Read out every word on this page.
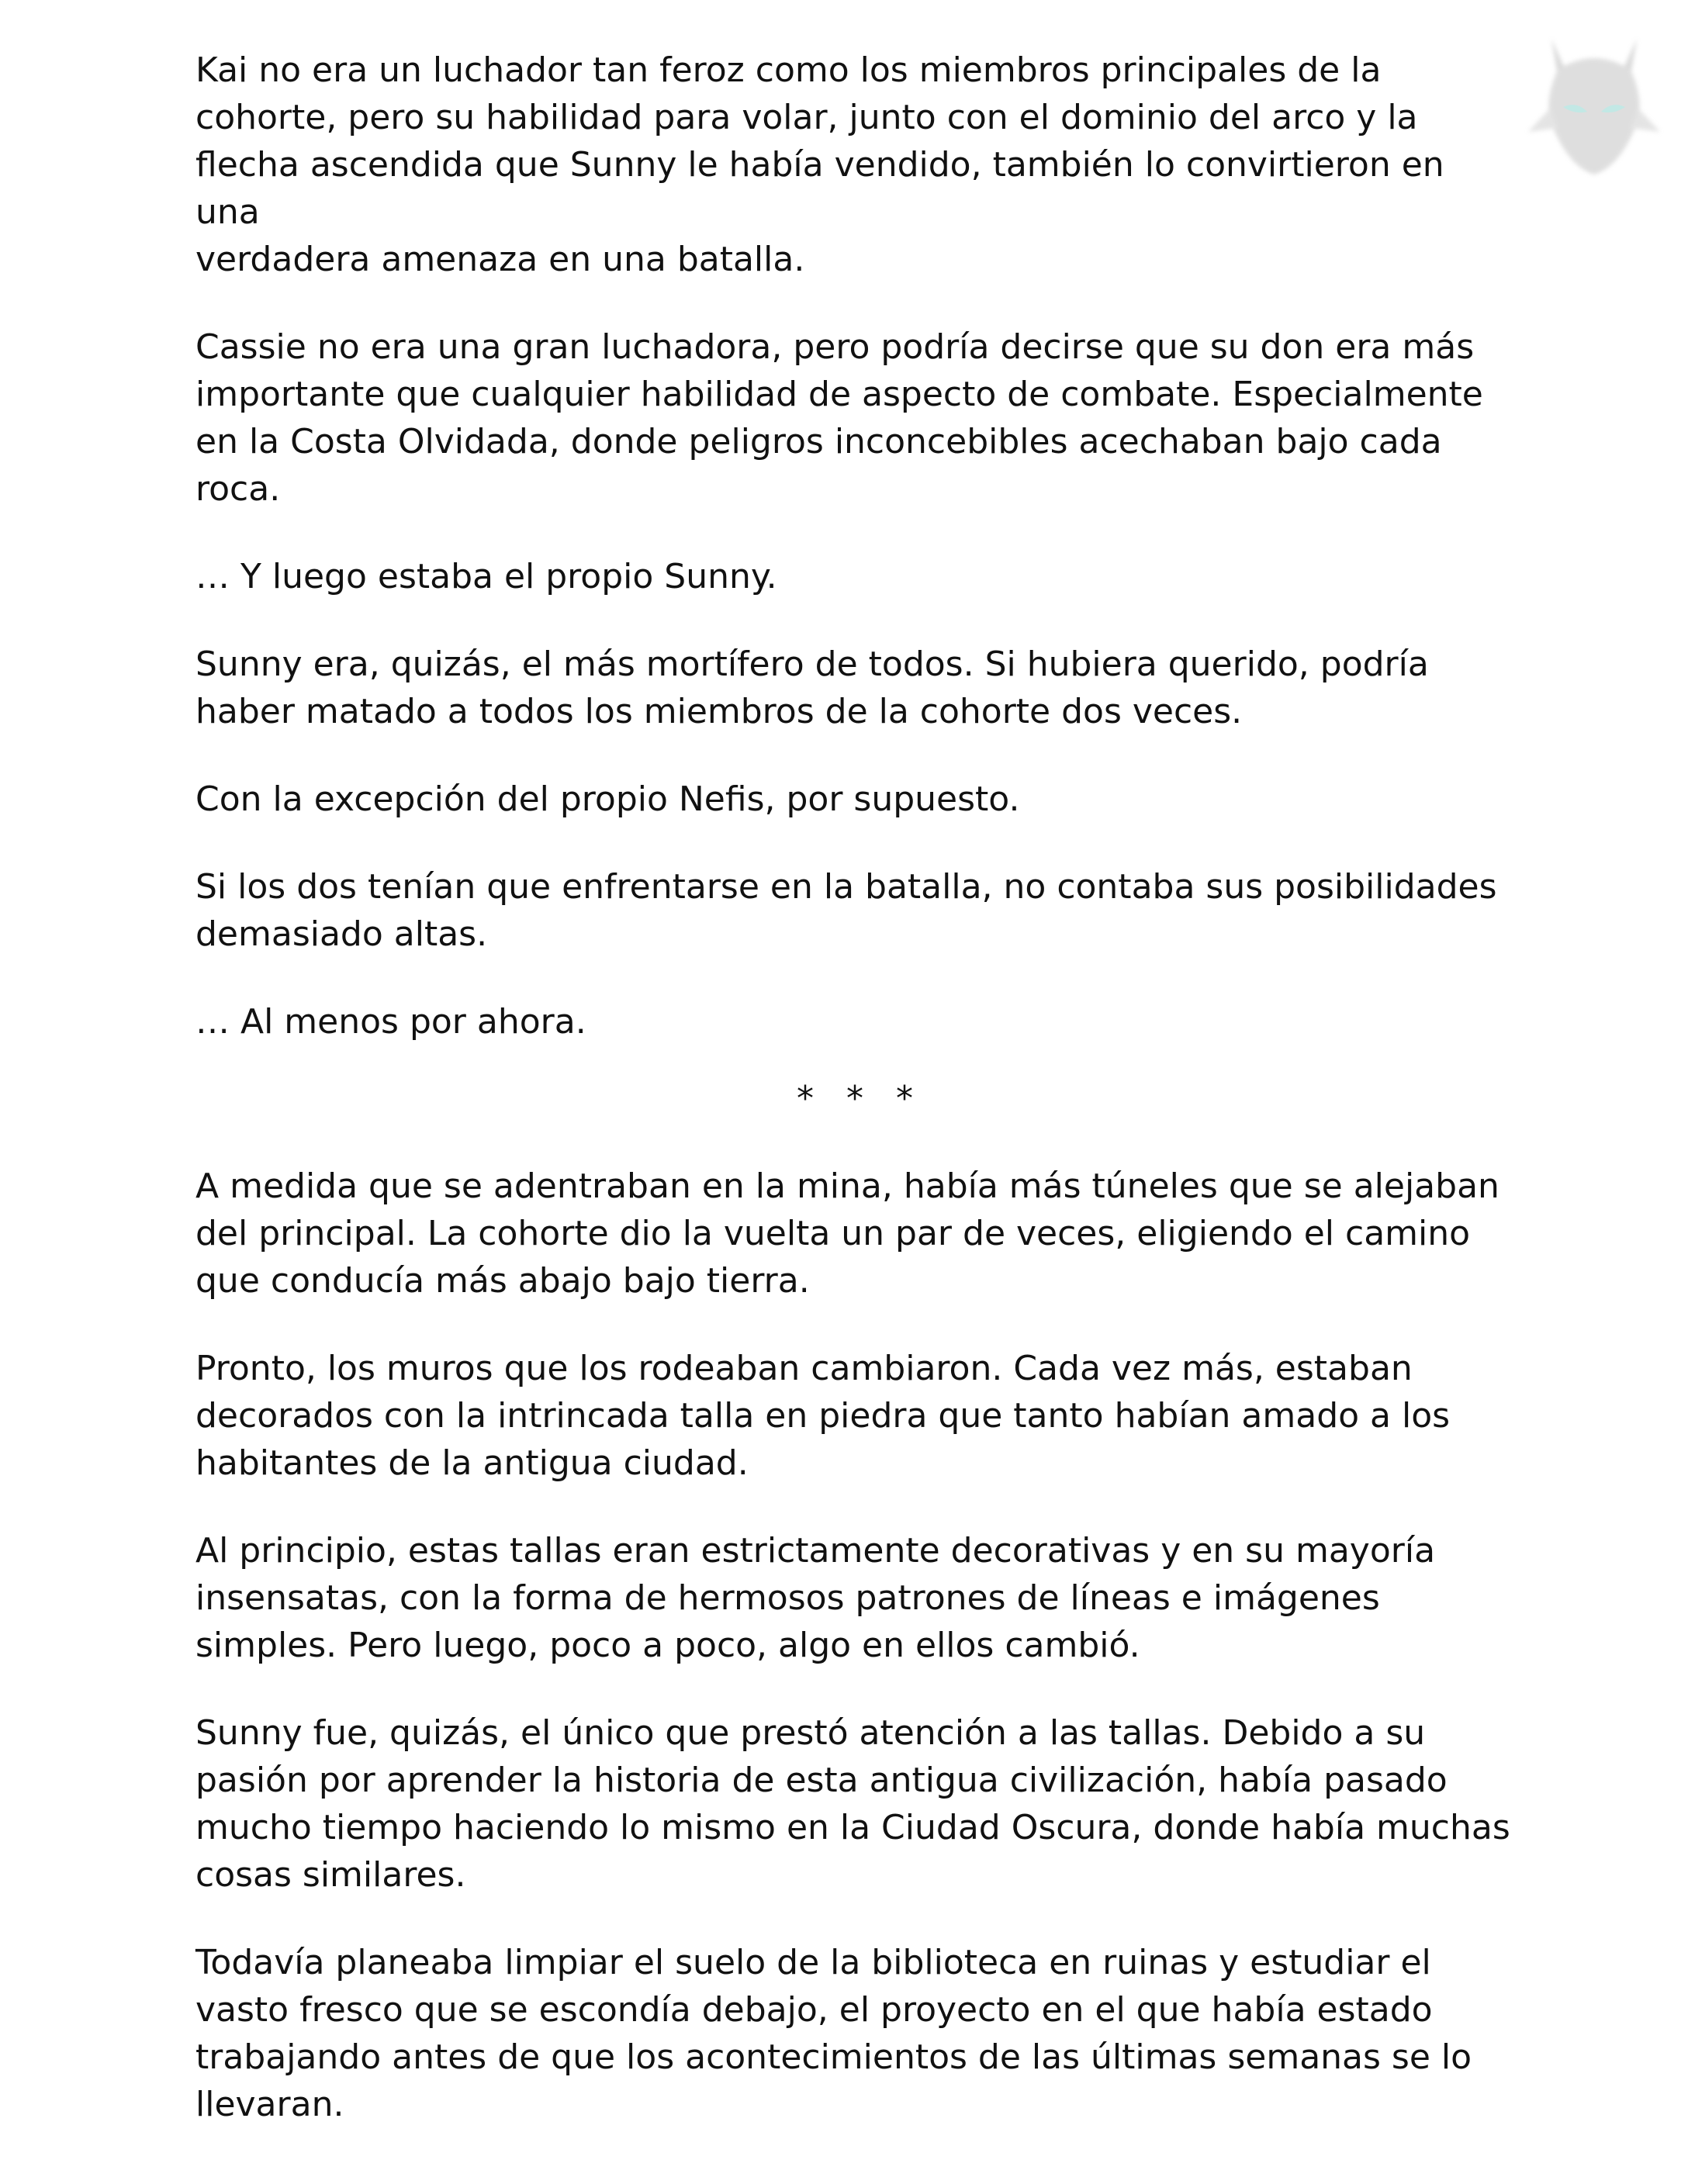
Kai no era un luchador tan feroz como los miembros principales de la
cohorte, pero su habilidad para volar, junto con el dominio del arco y la
flecha ascendida que Sunny le había vendido, también lo convirtieron en una
verdadera amenaza en una batalla.

Cassie no era una gran luchadora, pero podría decirse que su don era más
importante que cualquier habilidad de aspecto de combate. Especialmente
en la Costa Olvidada, donde peligros inconcebibles acechaban bajo cada
roca.

… Y luego estaba el propio Sunny.

Sunny era, quizás, el más mortífero de todos. Si hubiera querido, podría
haber matado a todos los miembros de la cohorte dos veces.

Con la excepción del propio Nefis, por supuesto.

Si los dos tenían que enfrentarse en la batalla, no contaba sus posibilidades
demasiado altas.

… Al menos por ahora.

* * *

A medida que se adentraban en la mina, había más túneles que se alejaban
del principal. La cohorte dio la vuelta un par de veces, eligiendo el camino
que conducía más abajo bajo tierra.

Pronto, los muros que los rodeaban cambiaron. Cada vez más, estaban
decorados con la intrincada talla en piedra que tanto habían amado a los
habitantes de la antigua ciudad.

Al principio, estas tallas eran estrictamente decorativas y en su mayoría
insensatas, con la forma de hermosos patrones de líneas e imágenes
simples. Pero luego, poco a poco, algo en ellos cambió.

Sunny fue, quizás, el único que prestó atención a las tallas. Debido a su
pasión por aprender la historia de esta antigua civilización, había pasado
mucho tiempo haciendo lo mismo en la Ciudad Oscura, donde había muchas
cosas similares.

Todavía planeaba limpiar el suelo de la biblioteca en ruinas y estudiar el
vasto fresco que se escondía debajo, el proyecto en el que había estado
trabajando antes de que los acontecimientos de las últimas semanas se lo
llevaran.
